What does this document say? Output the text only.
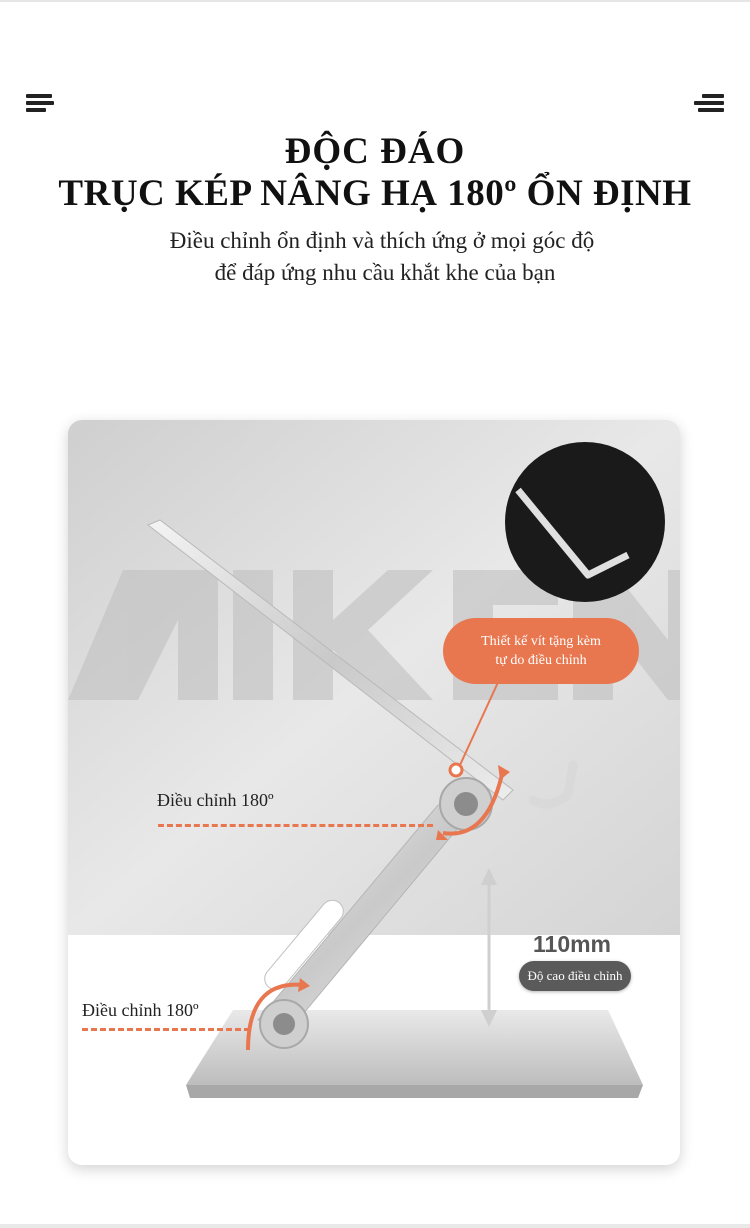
ĐỘC ĐÁO
TRỤC KÉP NÂNG HẠ 180º ỔN ĐỊNH
Điều chỉnh ổn định và thích ứng ở mọi góc độ
để đáp ứng nhu cầu khắt khe của bạn
Điều chỉnh 180º
Điều chỉnh 180º
Thiết kế vít tặng kèm
tự do điều chỉnh
110mm
Độ cao điều chỉnh
